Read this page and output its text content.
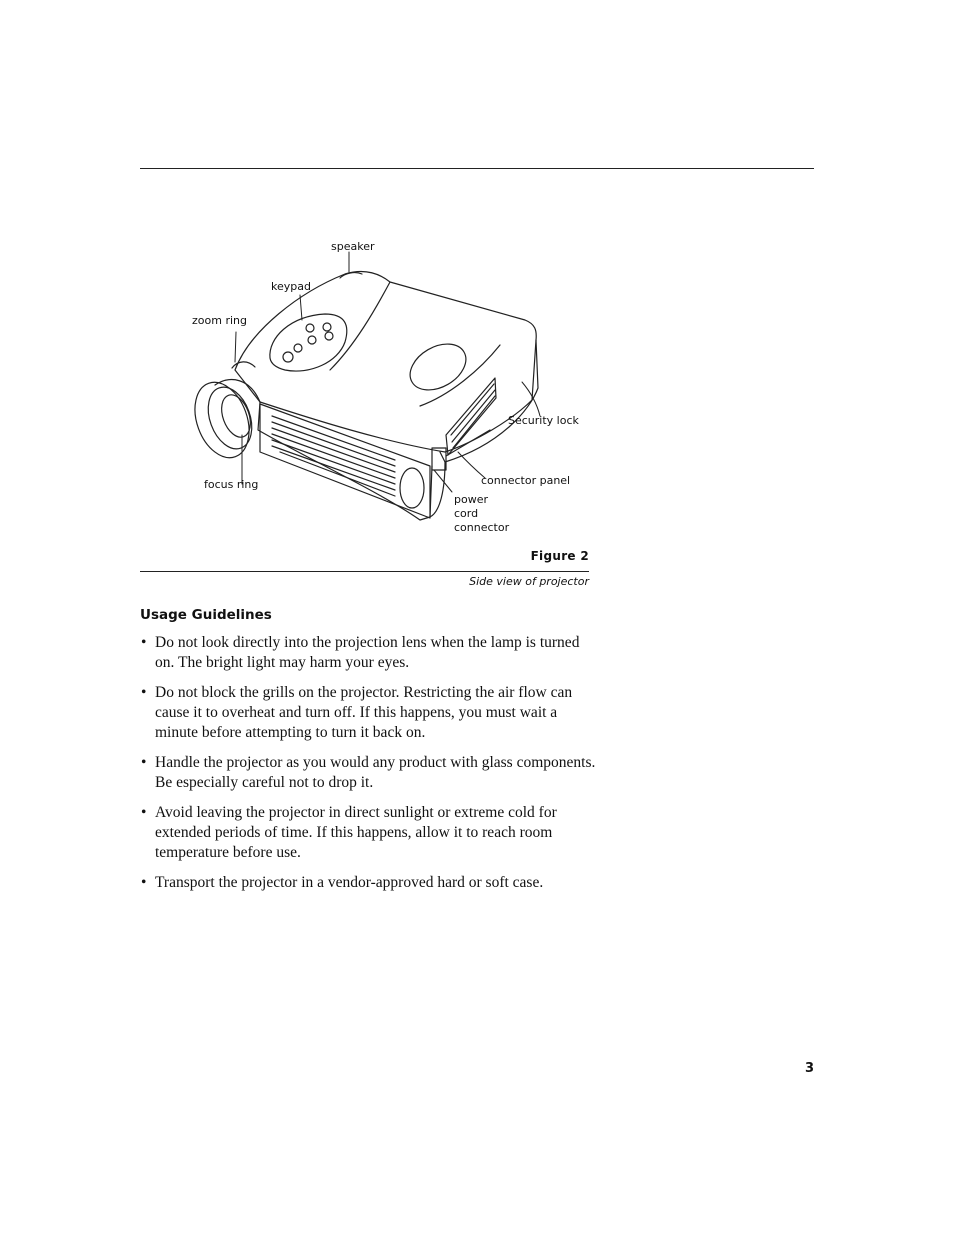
speaker
keypad
zoom ring
Security lock
focus ring	connector panel
power
cord
connector
Figure 2
Side view of projector
Usage Guidelines
• Do not look directly into the projection lens when the lamp is turned on. The bright light may harm your eyes.
• Do not block the grills on the projector. Restricting the air flow can cause it to overheat and turn off. If this happens, you must wait a minute before attempting to turn it back on.
• Handle the projector as you would any product with glass components. Be especially careful not to drop it.
• Avoid leaving the projector in direct sunlight or extreme cold for extended periods of time. If this happens, allow it to reach room temperature before use.
• Transport the projector in a vendor-approved hard or soft case.
3
